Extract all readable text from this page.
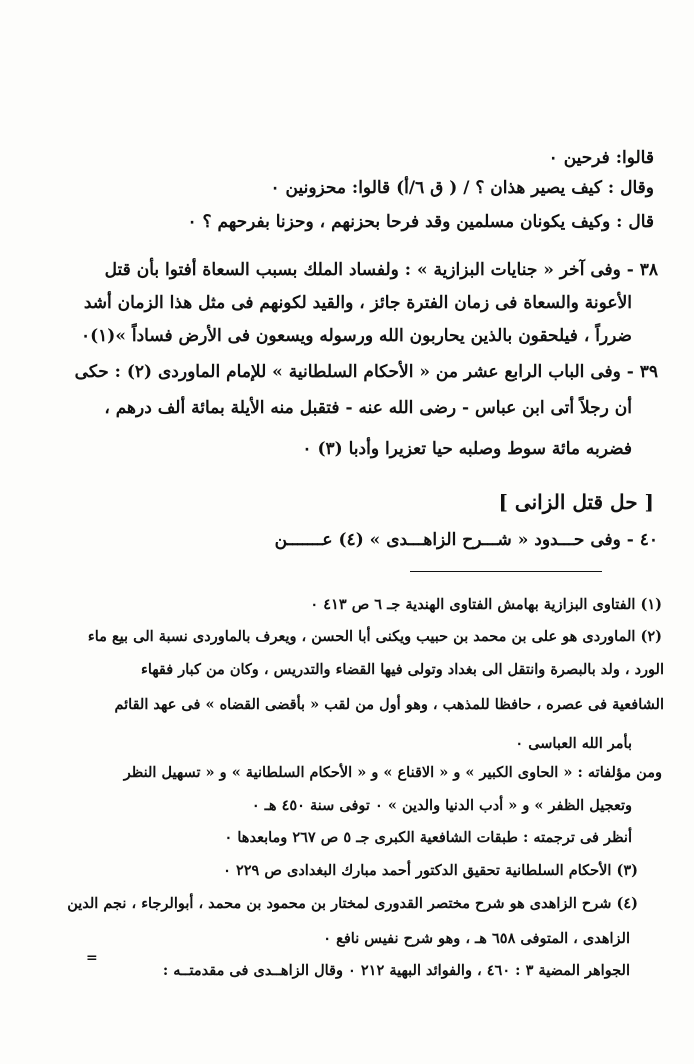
قالوا: فرحين ٠
وقال : كيف يصير هذان ؟ / ( ق ٦/أ) قالوا: محزونين ٠
قال : وكيف يكونان مسلمين وقد فرحا بحزنهم ، وحزنا بفرحهم ؟ ٠
٣٨ - وفى آخر « جنايات البزازية » : ولفساد الملك بسبب السعاة أفتوا بأن قتل
الأعونة والسعاة فى زمان الفترة جائز ، والقيد لكونهم فى مثل هذا الزمان أشد
ضرراً ، فيلحقون بالذين يحاربون الله ورسوله ويسعون فى الأرض فساداً »(١)٠
٣٩ - وفى الباب الرابع عشر من « الأحكام السلطانية » للإمام الماوردى (٢) : حكى
أن رجلاً أتى ابن عباس - رضى الله عنه - فتقبل منه الأيلة بمائة ألف درهم ،
فضربه مائة سوط وصلبه حيا تعزيرا وأدبا (٣) ٠
[ حل قتل الزانى ]
٤٠ - وفى حـــدود « شـــرح الزاهـــدى » (٤) عـــــــن
(١) الفتاوى البزازية بهامش الفتاوى الهندية جـ ٦ ص ٤١٣ ٠
(٢) الماوردى هو على بن محمد بن حبيب ويكنى أبا الحسن ، ويعرف بالماوردى نسبة الى بيع ماء
الورد ، ولد بالبصرة وانتقل الى بغداد وتولى فيها القضاء والتدريس ، وكان من كبار فقهاء
الشافعية فى عصره ، حافظا للمذهب ، وهو أول من لقب « بأقضى القضاه » فى عهد القائم
بأمر الله العباسى ٠
ومن مؤلفاته : « الحاوى الكبير » و « الاقناع » و « الأحكام السلطانية » و « تسهيل النظر
وتعجيل الظفر » و « أدب الدنيا والدين » ٠ توفى سنة ٤٥٠ هـ ٠
أنظر فى ترجمته : طبقات الشافعية الكبرى جـ ٥ ص ٢٦٧ ومابعدها ٠
(٣) الأحكام السلطانية تحقيق الدكتور أحمد مبارك البغدادى ص ٢٢٩ ٠
(٤) شرح الزاهدى هو شرح مختصر القدورى لمختار بن محمود بن محمد ، أبوالرجاء ، نجم الدين
الزاهدى ، المتوفى ٦٥٨ هـ ، وهو شرح نفيس نافع ٠
الجواهر المضية ٣ : ٤٦٠ ، والفوائد البهية ٢١٢ ٠ وقال الزاهــدى فى مقدمتــه :
=
